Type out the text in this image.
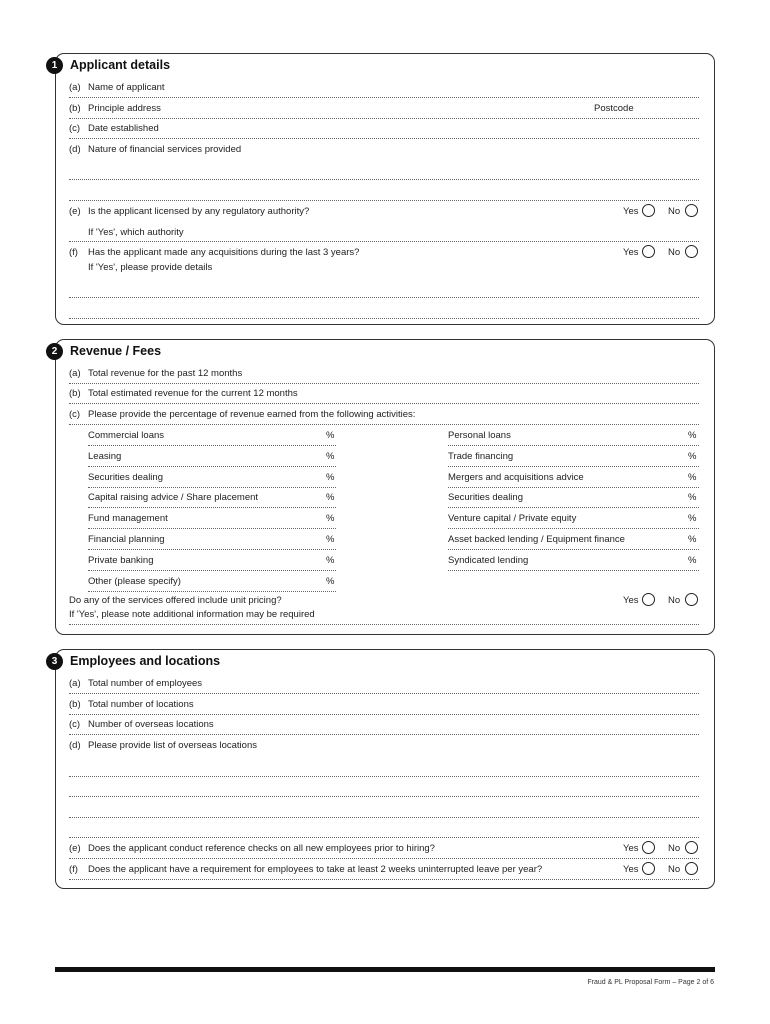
1	Applicant details
(a) Name of applicant
(b) Principle address	Postcode
(c) Date established
(d) Nature of financial services provided
(e) Is the applicant licensed by any regulatory authority?	Yes	No
If 'Yes', which authority
(f) Has the applicant made any acquisitions during the last 3 years?	Yes	No
If 'Yes', please provide details
2	Revenue / Fees
(a) Total revenue for the past 12 months
(b) Total estimated revenue for the current 12 months
(c) Please provide the percentage of revenue earned from the following activities:
Commercial loans	%	Personal loans	%
Leasing	%	Trade financing	%
Securities dealing	%	Mergers and acquisitions advice	%
Capital raising advice / Share placement	%	Securities dealing	%
Fund management	%	Venture capital / Private equity	%
Financial planning	%	Asset backed lending / Equipment finance	%
Private banking	%	Syndicated lending	%
Other (please specify)	%
Do any of the services offered include unit pricing?	Yes	No
If 'Yes', please note additional information may be required
3	Employees and locations
(a) Total number of employees
(b) Total number of locations
(c) Number of overseas locations
(d) Please provide list of overseas locations
(e) Does the applicant conduct reference checks on all new employees prior to hiring?	Yes	No
(f) Does the applicant have a requirement for employees to take at least 2 weeks uninterrupted leave per year?	Yes	No
Fraud & PL Proposal Form – Page 2 of 6
